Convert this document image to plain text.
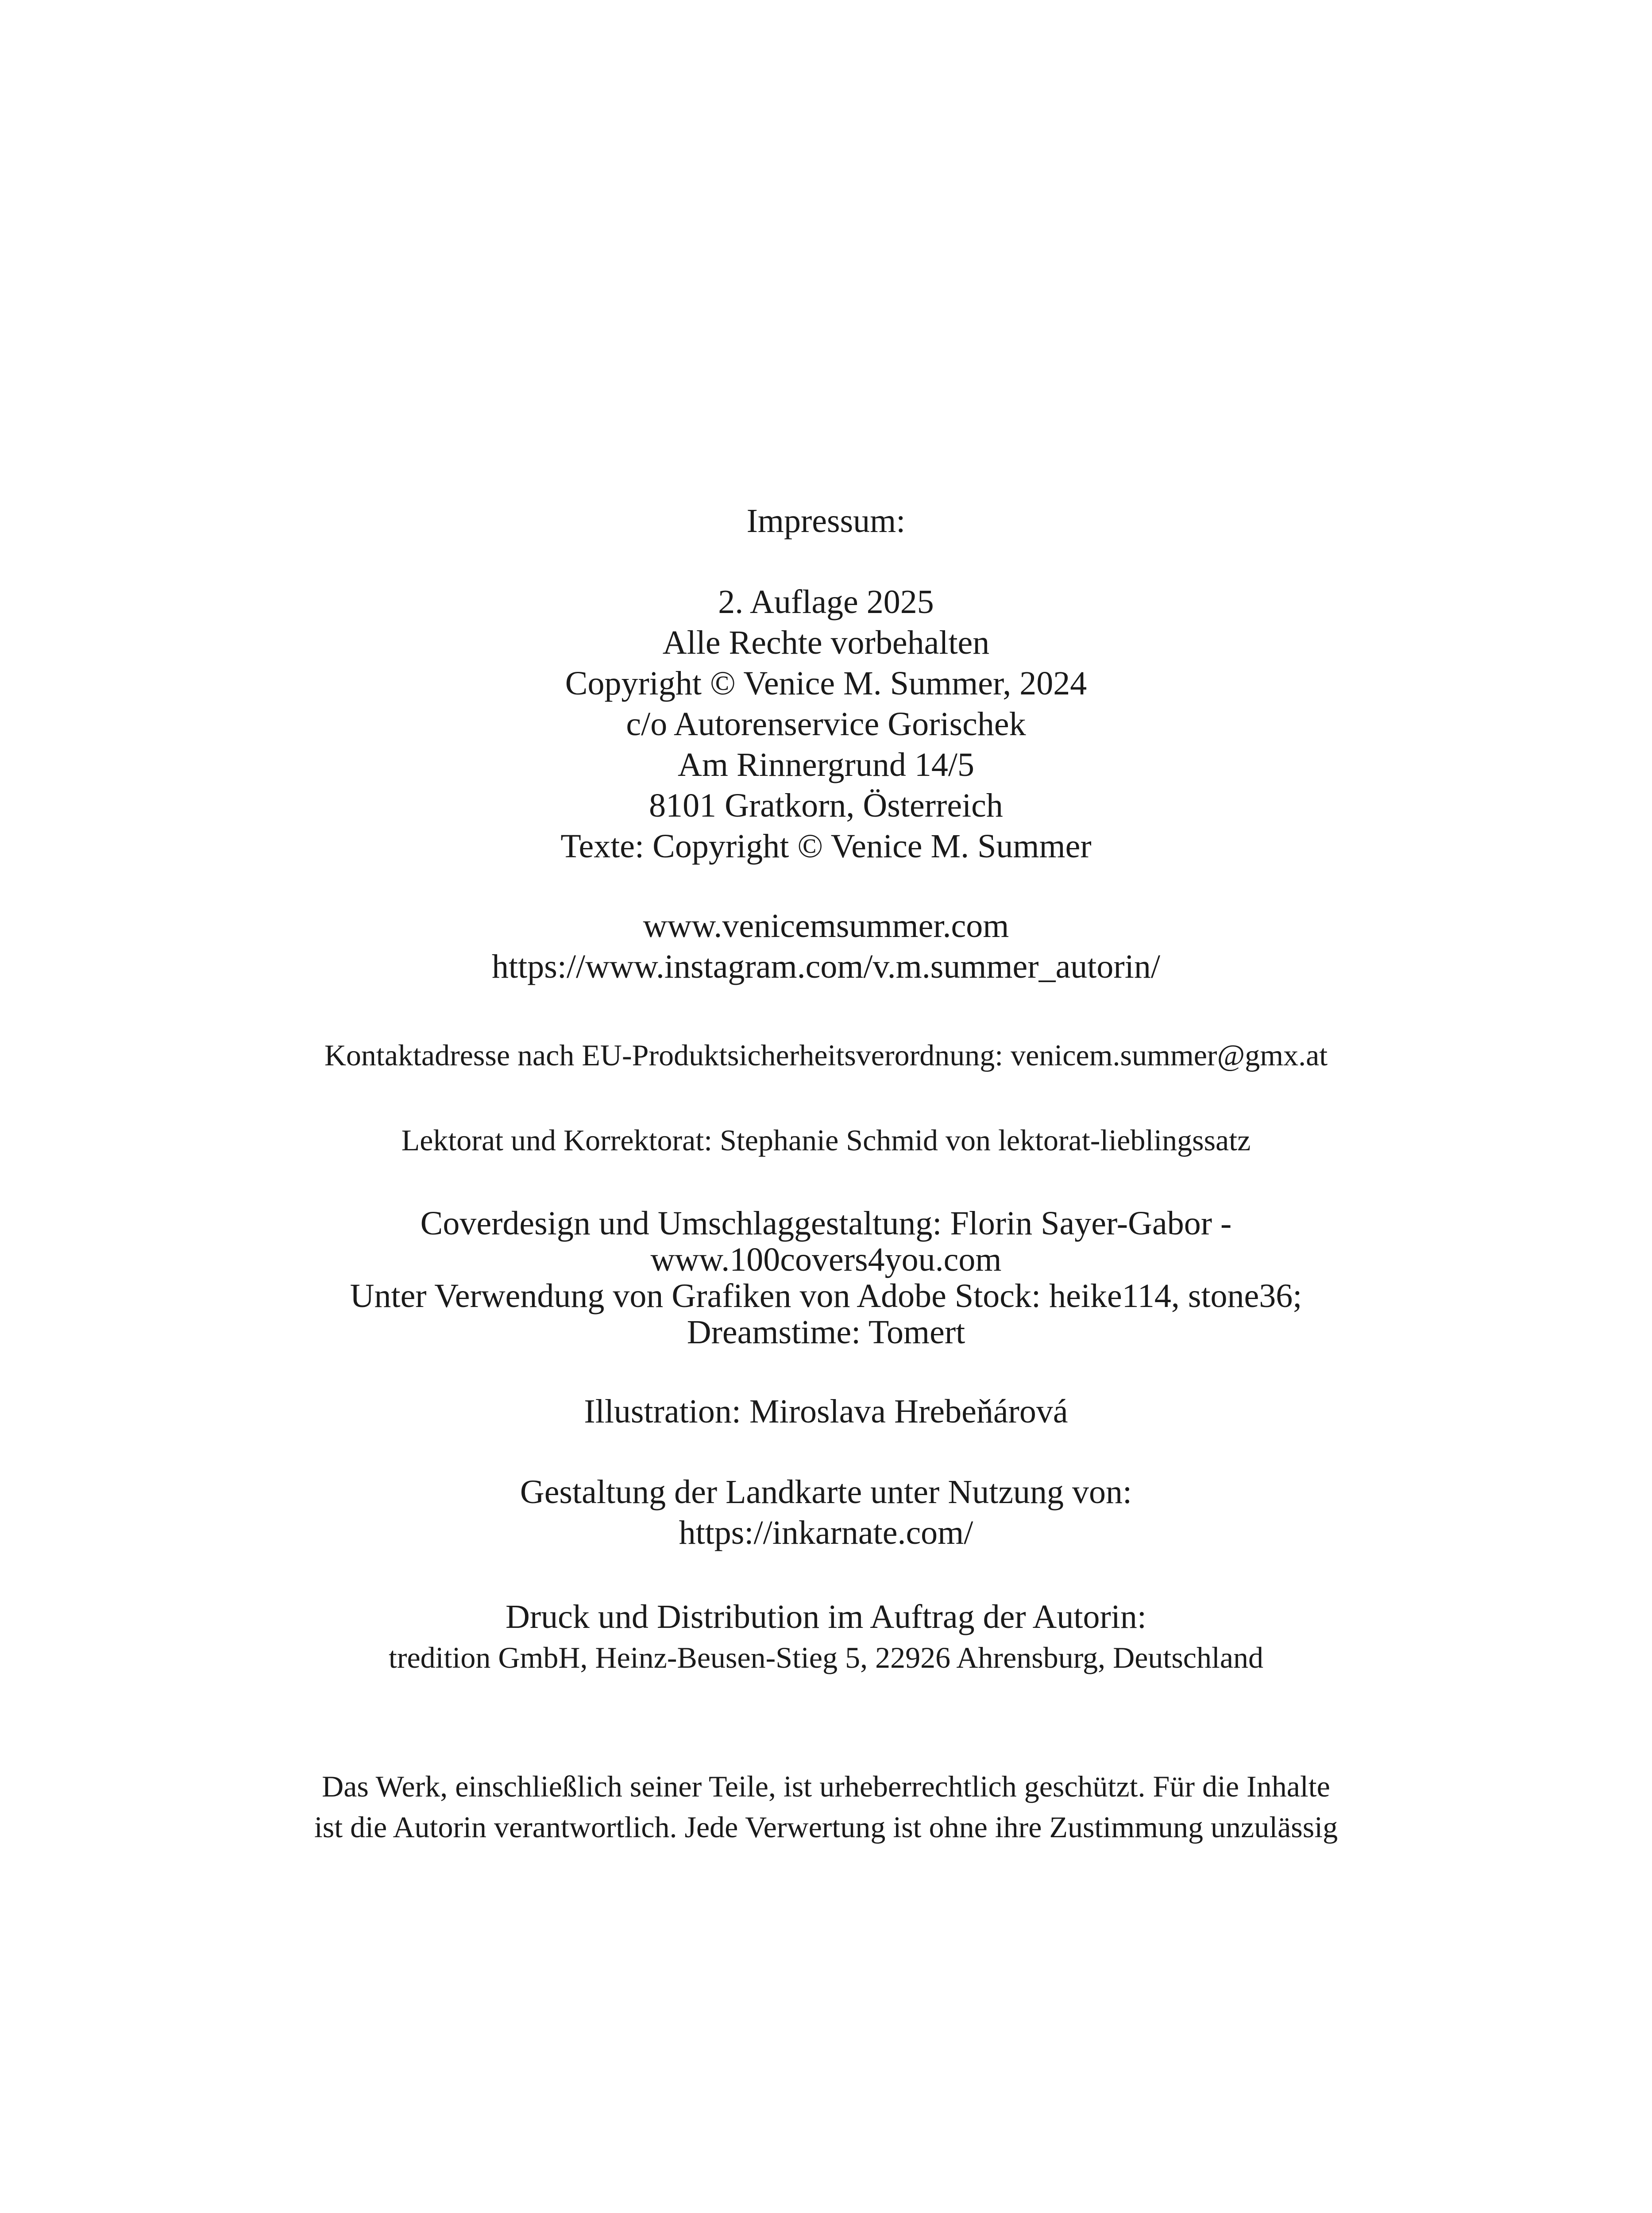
Impressum:
2. Auflage 2025
Alle Rechte vorbehalten
Copyright © Venice M. Summer, 2024
c/o Autorenservice Gorischek
Am Rinnergrund 14/5
8101 Gratkorn, Österreich
Texte: Copyright © Venice M. Summer
www.venicemsummer.com
https://www.instagram.com/v.m.summer_autorin/
Kontaktadresse nach EU-Produktsicherheitsverordnung: venicem.summer@gmx.at
Lektorat und Korrektorat: Stephanie Schmid von lektorat-lieblingssatz
Coverdesign und Umschlaggestaltung: Florin Sayer-Gabor -
www.100covers4you.com
Unter Verwendung von Grafiken von Adobe Stock: heike114, stone36;
Dreamstime: Tomert
Illustration: Miroslava Hrebeňárová
Gestaltung der Landkarte unter Nutzung von:
https://inkarnate.com/
Druck und Distribution im Auftrag der Autorin:
tredition GmbH, Heinz-Beusen-Stieg 5, 22926 Ahrensburg, Deutschland
Das Werk, einschließlich seiner Teile, ist urheberrechtlich geschützt. Für die Inhalte
ist die Autorin verantwortlich. Jede Verwertung ist ohne ihre Zustimmung unzulässig
